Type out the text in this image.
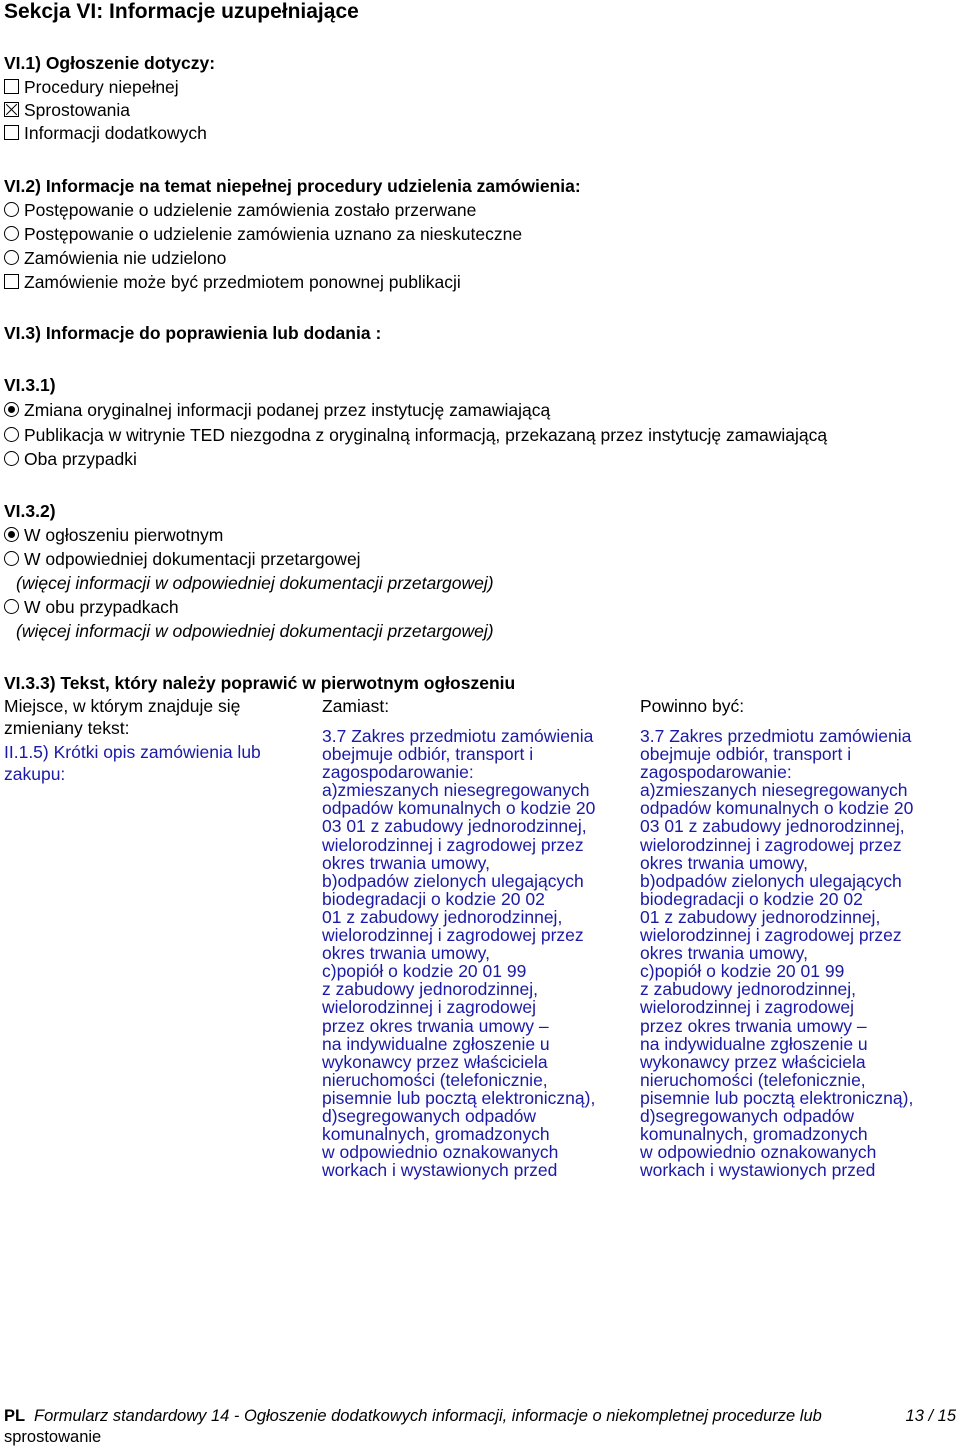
Sekcja VI: Informacje uzupełniające
VI.1) Ogłoszenie dotyczy:
Procedury niepełnej
Sprostowania
Informacji dodatkowych
VI.2) Informacje na temat niepełnej procedury udzielenia zamówienia:
Postępowanie o udzielenie zamówienia zostało przerwane
Postępowanie o udzielenie zamówienia uznano za nieskuteczne
Zamówienia nie udzielono
Zamówienie może być przedmiotem ponownej publikacji
VI.3) Informacje do poprawienia lub dodania :
VI.3.1)
Zmiana oryginalnej informacji podanej przez instytucję zamawiającą
Publikacja w witrynie TED niezgodna z oryginalną informacją, przekazaną przez instytucję zamawiającą
Oba przypadki
VI.3.2)
W ogłoszeniu pierwotnym
W odpowiedniej dokumentacji przetargowej
(więcej informacji w odpowiedniej dokumentacji przetargowej)
W obu przypadkach
(więcej informacji w odpowiedniej dokumentacji przetargowej)
VI.3.3) Tekst, który należy poprawić w pierwotnym ogłoszeniu
Miejsce, w którym znajduje się
zmieniany tekst:
II.1.5) Krótki opis zamówienia lub
zakupu:
Zamiast:
3.7 Zakres przedmiotu zamówienia
obejmuje odbiór, transport i
zagospodarowanie:
a)zmieszanych niesegregowanych
odpadów komunalnych o kodzie 20
03 01 z zabudowy jednorodzinnej,
wielorodzinnej i zagrodowej przez
okres trwania umowy,
b)odpadów zielonych ulegających
biodegradacji o kodzie 20 02
01 z zabudowy jednorodzinnej,
wielorodzinnej i zagrodowej przez
okres trwania umowy,
c)popiół o kodzie 20 01 99
z zabudowy jednorodzinnej,
wielorodzinnej i zagrodowej
przez okres trwania umowy –
na indywidualne zgłoszenie u
wykonawcy przez właściciela
nieruchomości (telefonicznie,
pisemnie lub pocztą elektroniczną),
d)segregowanych odpadów
komunalnych, gromadzonych
w odpowiednio oznakowanych
workach i wystawionych przed
Powinno być:
3.7 Zakres przedmiotu zamówienia
obejmuje odbiór, transport i
zagospodarowanie:
a)zmieszanych niesegregowanych
odpadów komunalnych o kodzie 20
03 01 z zabudowy jednorodzinnej,
wielorodzinnej i zagrodowej przez
okres trwania umowy,
b)odpadów zielonych ulegających
biodegradacji o kodzie 20 02
01 z zabudowy jednorodzinnej,
wielorodzinnej i zagrodowej przez
okres trwania umowy,
c)popiół o kodzie 20 01 99
z zabudowy jednorodzinnej,
wielorodzinnej i zagrodowej
przez okres trwania umowy –
na indywidualne zgłoszenie u
wykonawcy przez właściciela
nieruchomości (telefonicznie,
pisemnie lub pocztą elektroniczną),
d)segregowanych odpadów
komunalnych, gromadzonych
w odpowiednio oznakowanych
workach i wystawionych przed
PL Formularz standardowy 14 - Ogłoszenie dodatkowych informacji, informacje o niekompletnej procedurze lub
sprostowanie
13 / 15
